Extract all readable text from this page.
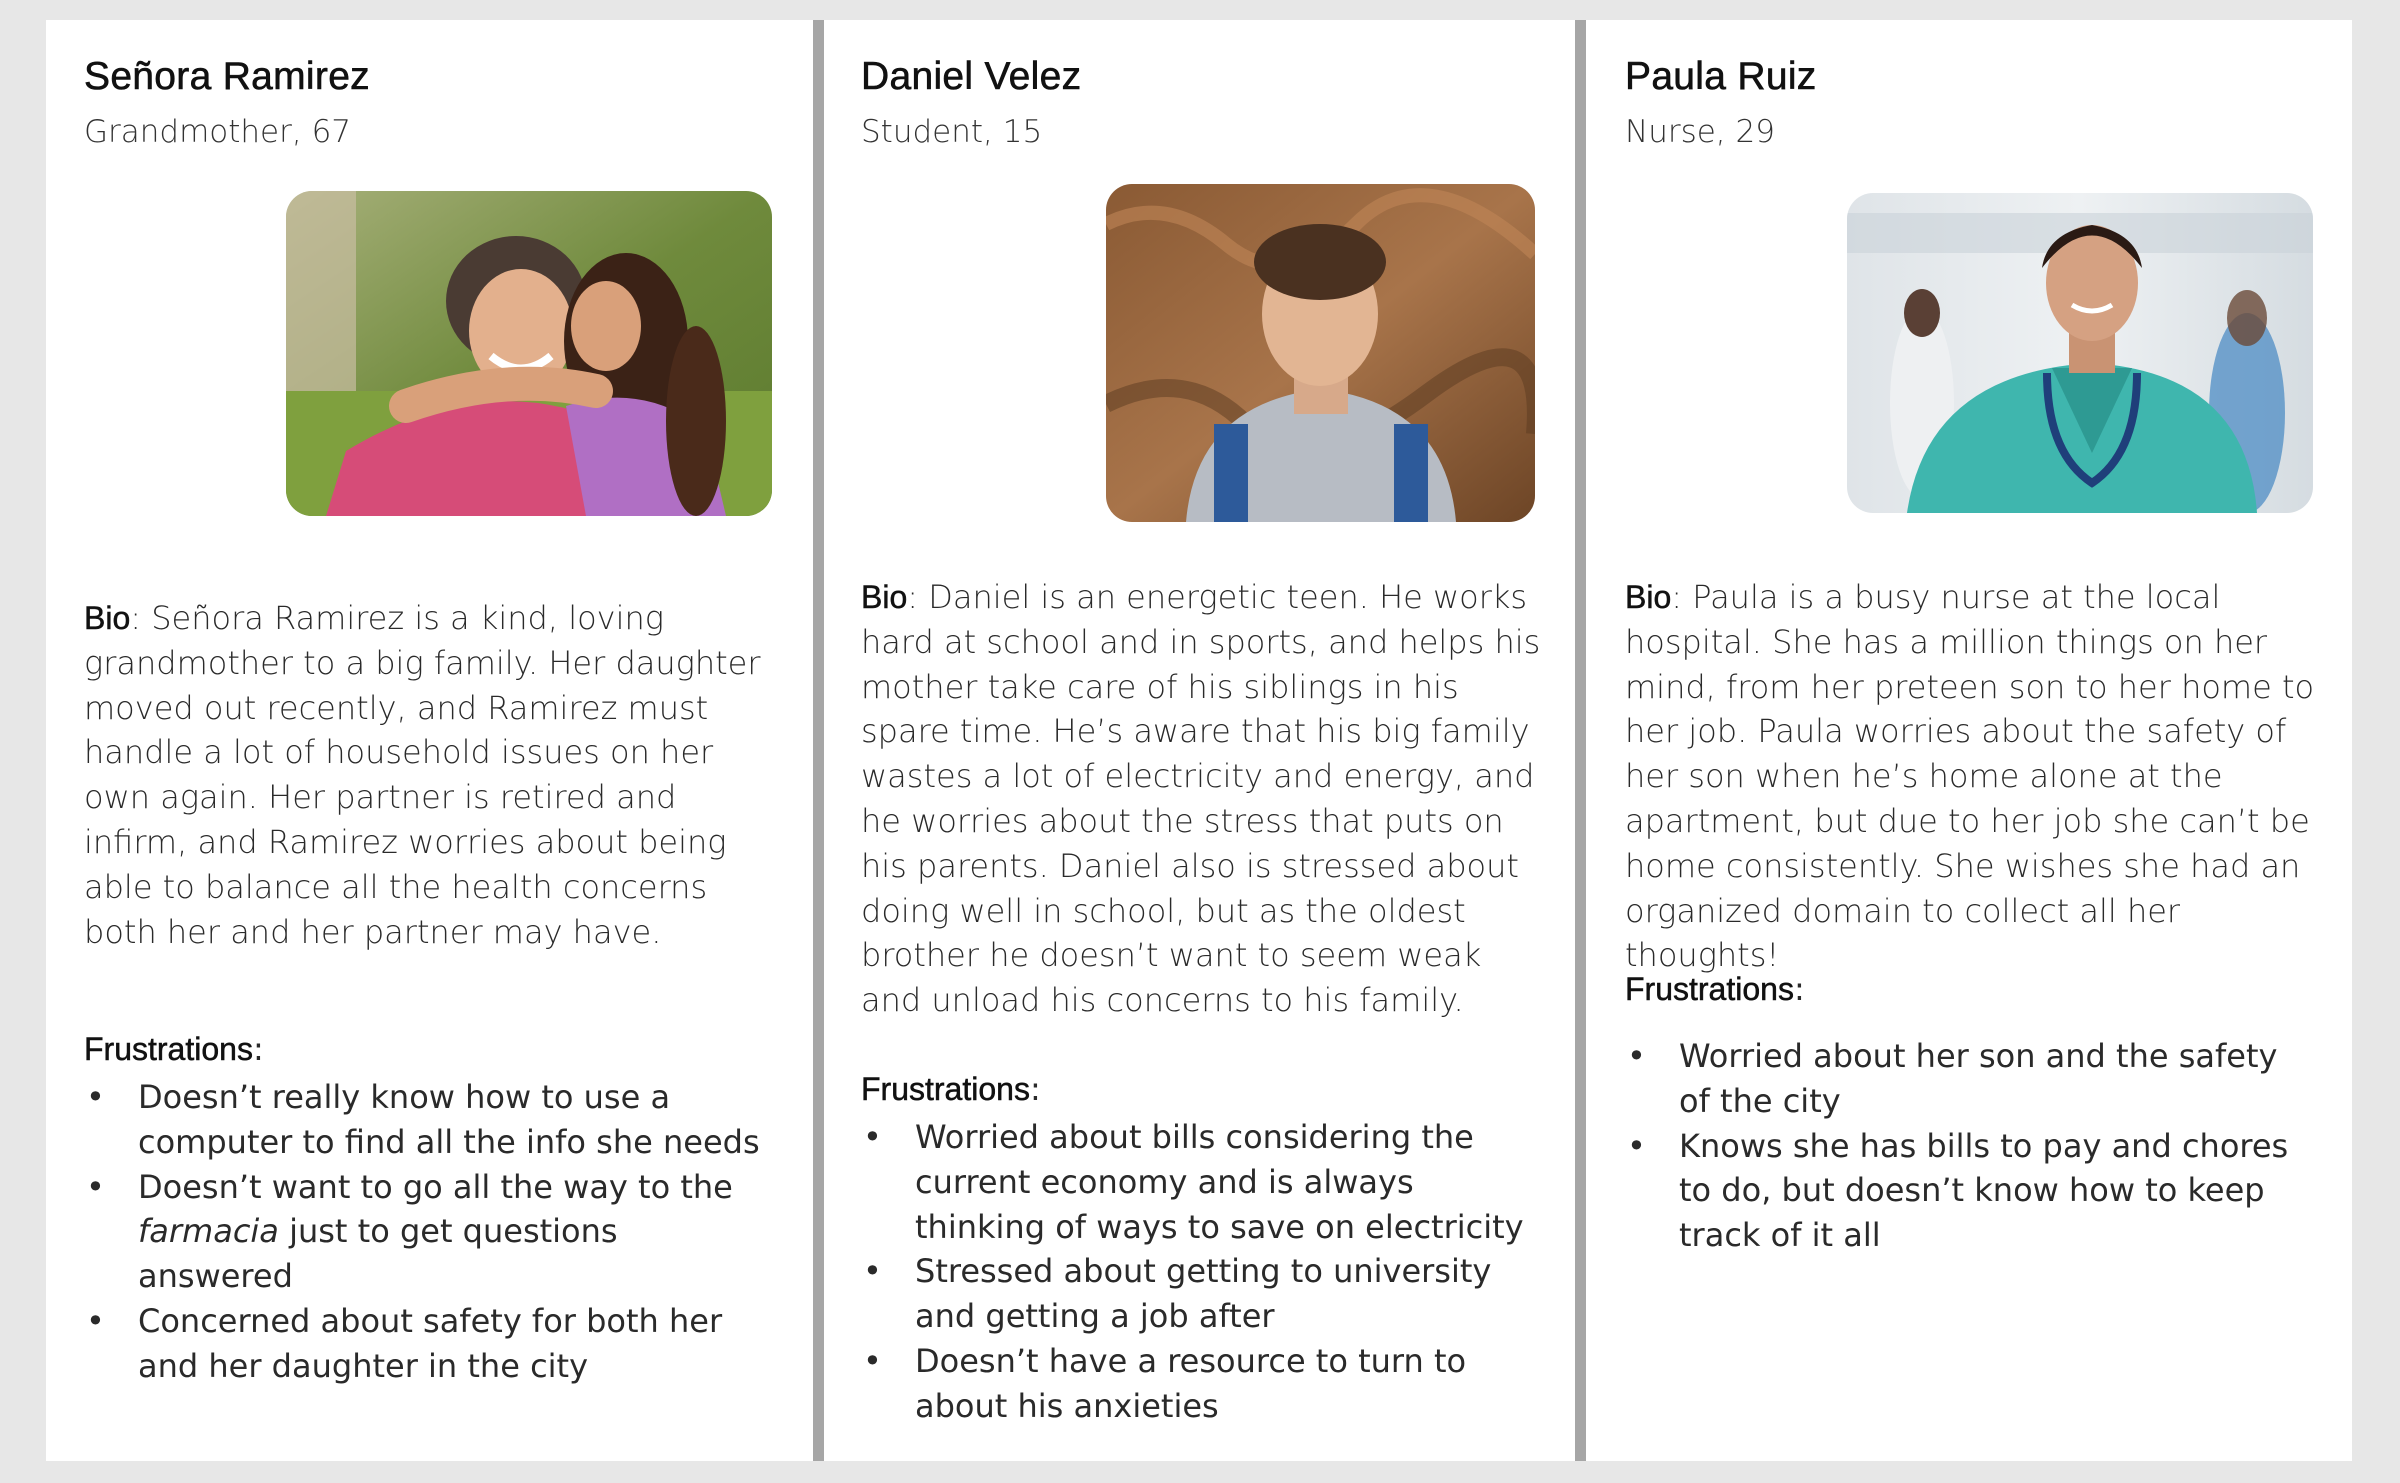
Señora Ramirez
Grandmother, 67

Bio: Señora Ramirez is a kind, loving grandmother to a big family. Her daughter moved out recently, and Ramirez must handle a lot of household issues on her own again. Her partner is retired and infirm, and Ramirez worries about being able to balance all the health concerns both her and her partner may have.

Frustrations:
• Doesn’t really know how to use a computer to find all the info she needs
• Doesn’t want to go all the way to the farmacia just to get questions answered
• Concerned about safety for both her and her daughter in the city
Daniel Velez
Student, 15

Bio: Daniel is an energetic teen. He works hard at school and in sports, and helps his mother take care of his siblings in his spare time. He’s aware that his big family wastes a lot of electricity and energy, and he worries about the stress that puts on his parents. Daniel also is stressed about doing well in school, but as the oldest brother he doesn’t want to seem weak and unload his concerns to his family.

Frustrations:
• Worried about bills considering the current economy and is always thinking of ways to save on electricity
• Stressed about getting to university and getting a job after
• Doesn’t have a resource to turn to about his anxieties
Paula Ruiz
Nurse, 29

Bio: Paula is a busy nurse at the local hospital. She has a million things on her mind, from her preteen son to her home to her job. Paula worries about the safety of her son when he’s home alone at the apartment, but due to her job she can’t be home consistently. She wishes she had an organized domain to collect all her thoughts!

Frustrations:
• Worried about her son and the safety of the city
• Knows she has bills to pay and chores to do, but doesn’t know how to keep track of it all
